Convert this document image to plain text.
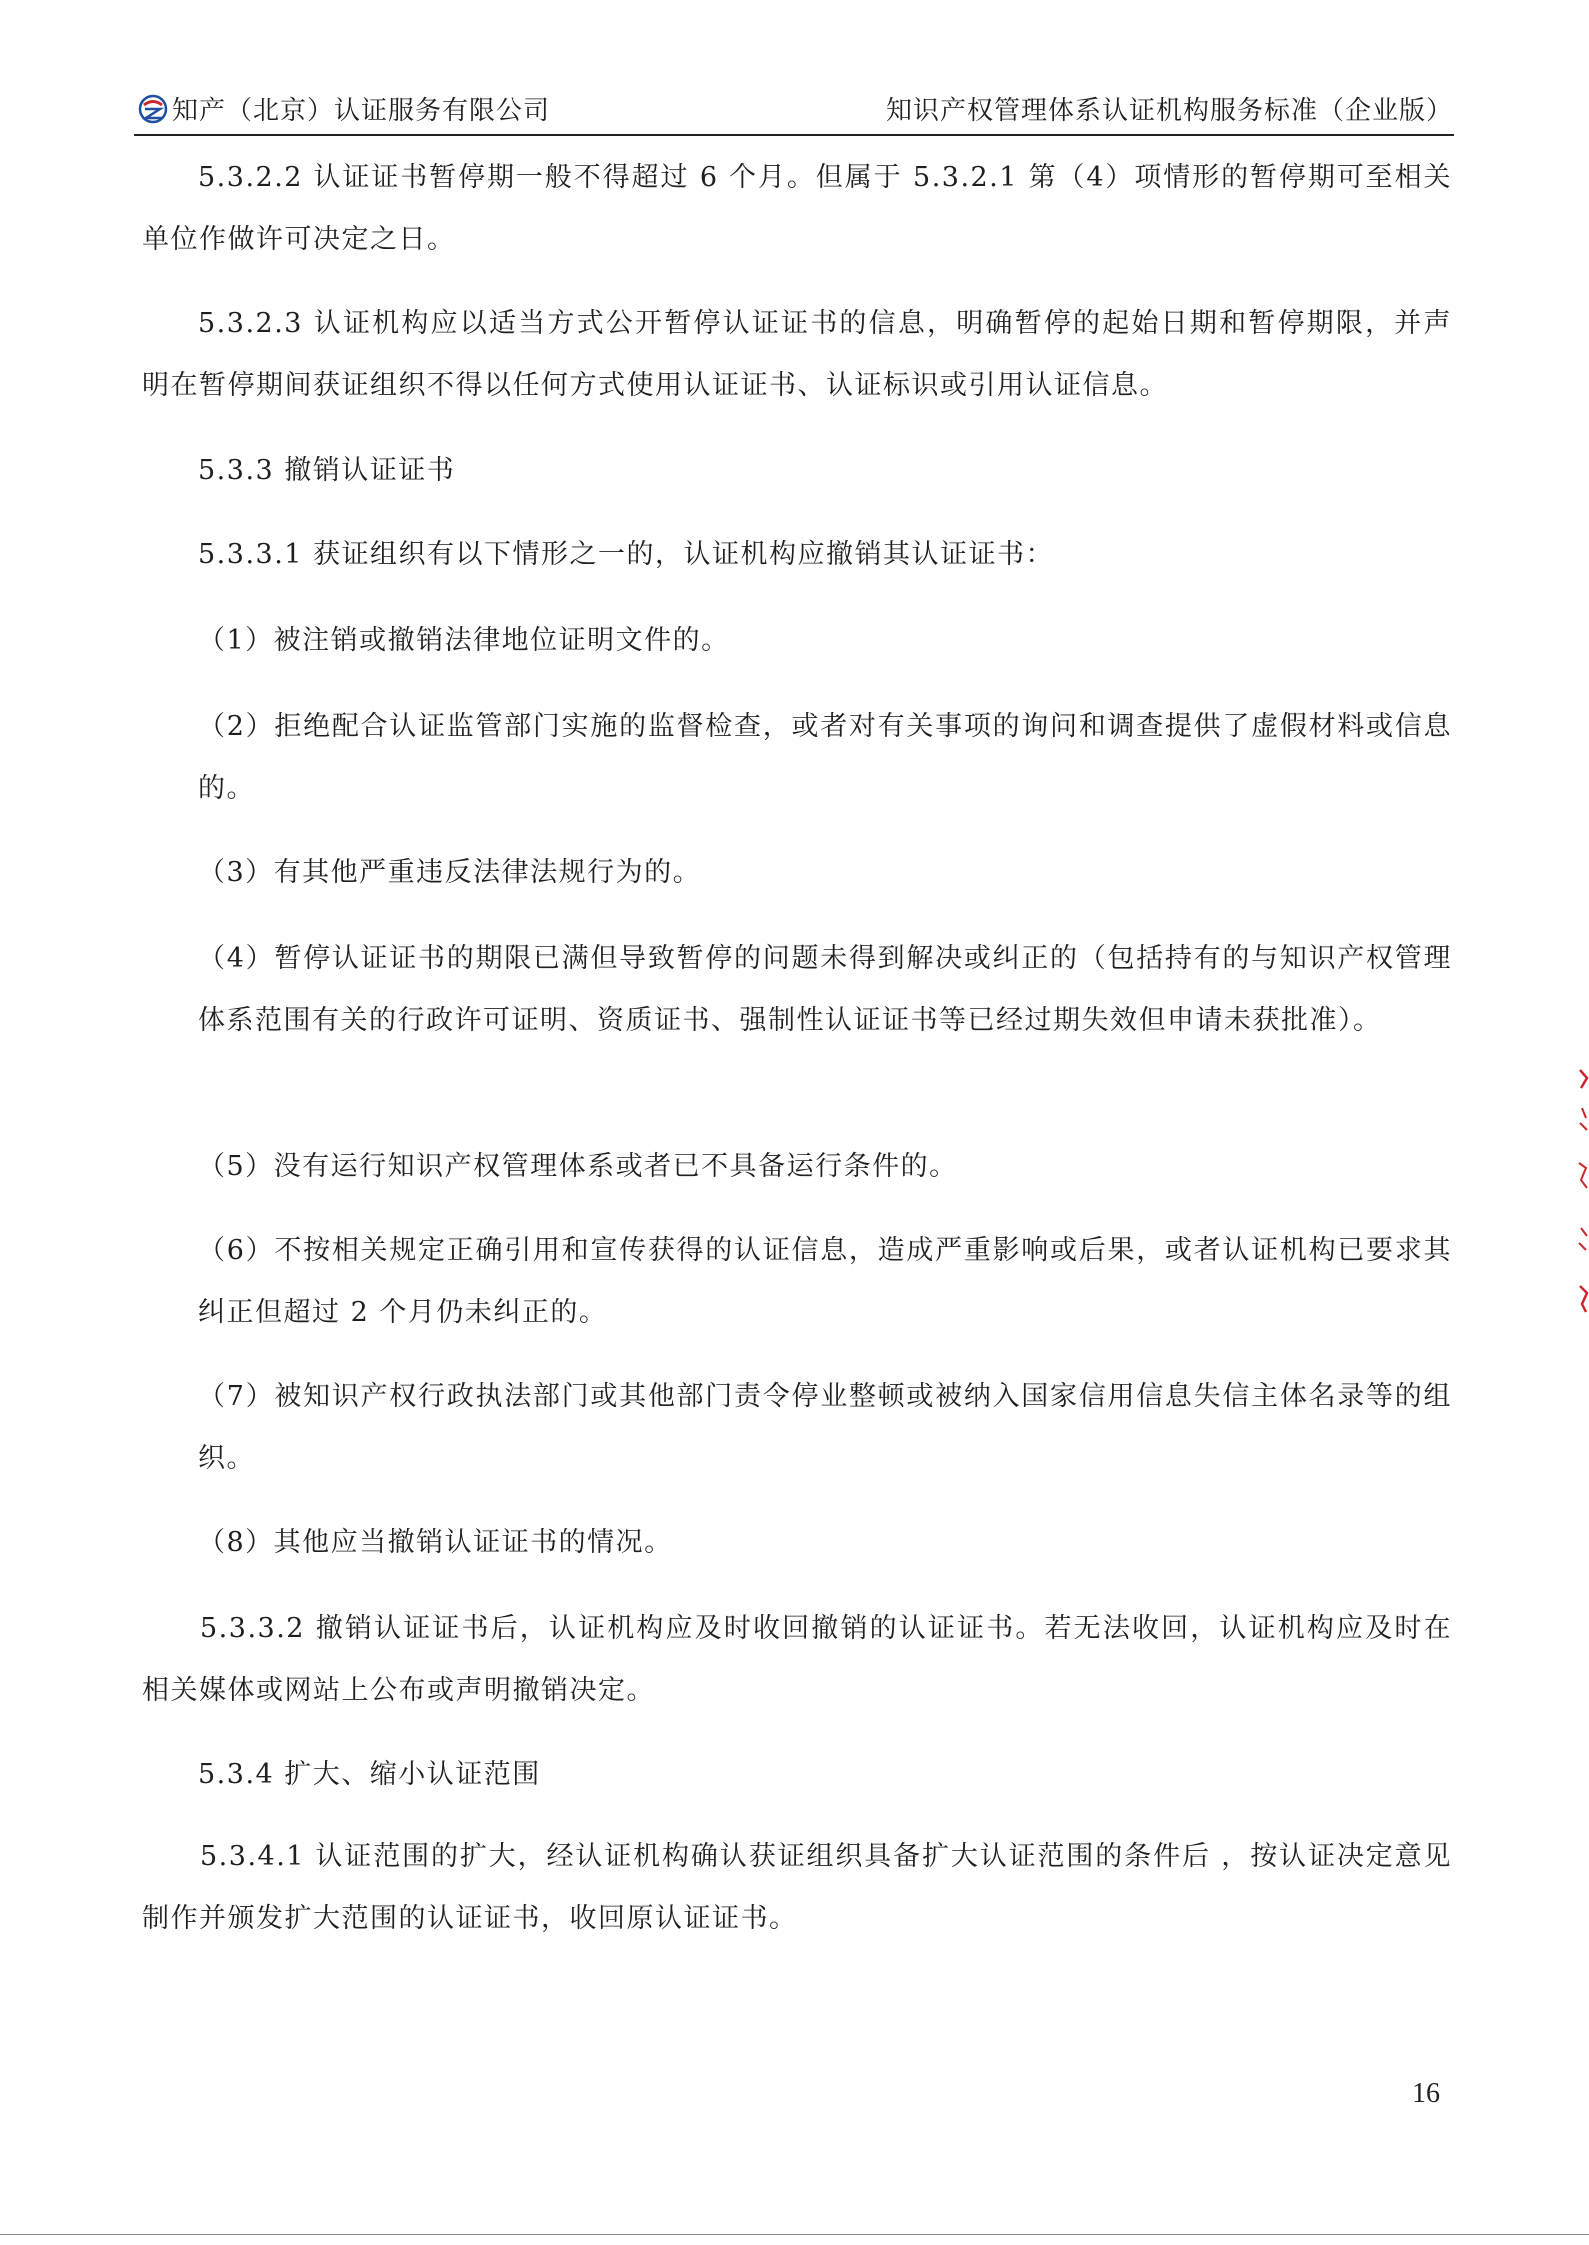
知产（北京）认证服务有限公司	知识产权管理体系认证机构服务标准（企业版）

5.3.2.2 认证证书暂停期一般不得超过 6 个月。但属于 5.3.2.1 第（4）项情形的暂停期可至相关单位作做许可决定之日。

5.3.2.3 认证机构应以适当方式公开暂停认证证书的信息，明确暂停的起始日期和暂停期限，并声明在暂停期间获证组织不得以任何方式使用认证证书、认证标识或引用认证信息。

5.3.3 撤销认证证书

5.3.3.1 获证组织有以下情形之一的，认证机构应撤销其认证证书：

（1）被注销或撤销法律地位证明文件的。

（2）拒绝配合认证监管部门实施的监督检查，或者对有关事项的询问和调查提供了虚假材料或信息的。

（3）有其他严重违反法律法规行为的。

（4）暂停认证证书的期限已满但导致暂停的问题未得到解决或纠正的（包括持有的与知识产权管理体系范围有关的行政许可证明、资质证书、强制性认证证书等已经过期失效但申请未获批准）。

（5）没有运行知识产权管理体系或者已不具备运行条件的。

（6）不按相关规定正确引用和宣传获得的认证信息，造成严重影响或后果，或者认证机构已要求其纠正但超过 2 个月仍未纠正的。

（7）被知识产权行政执法部门或其他部门责令停业整顿或被纳入国家信用信息失信主体名录等的组织。

（8）其他应当撤销认证证书的情况。

5.3.3.2 撤销认证证书后，认证机构应及时收回撤销的认证证书。若无法收回，认证机构应及时在相关媒体或网站上公布或声明撤销决定。

5.3.4 扩大、缩小认证范围

5.3.4.1 认证范围的扩大，经认证机构确认获证组织具备扩大认证范围的条件后 ，按认证决定意见制作并颁发扩大范围的认证证书，收回原认证证书。

16
